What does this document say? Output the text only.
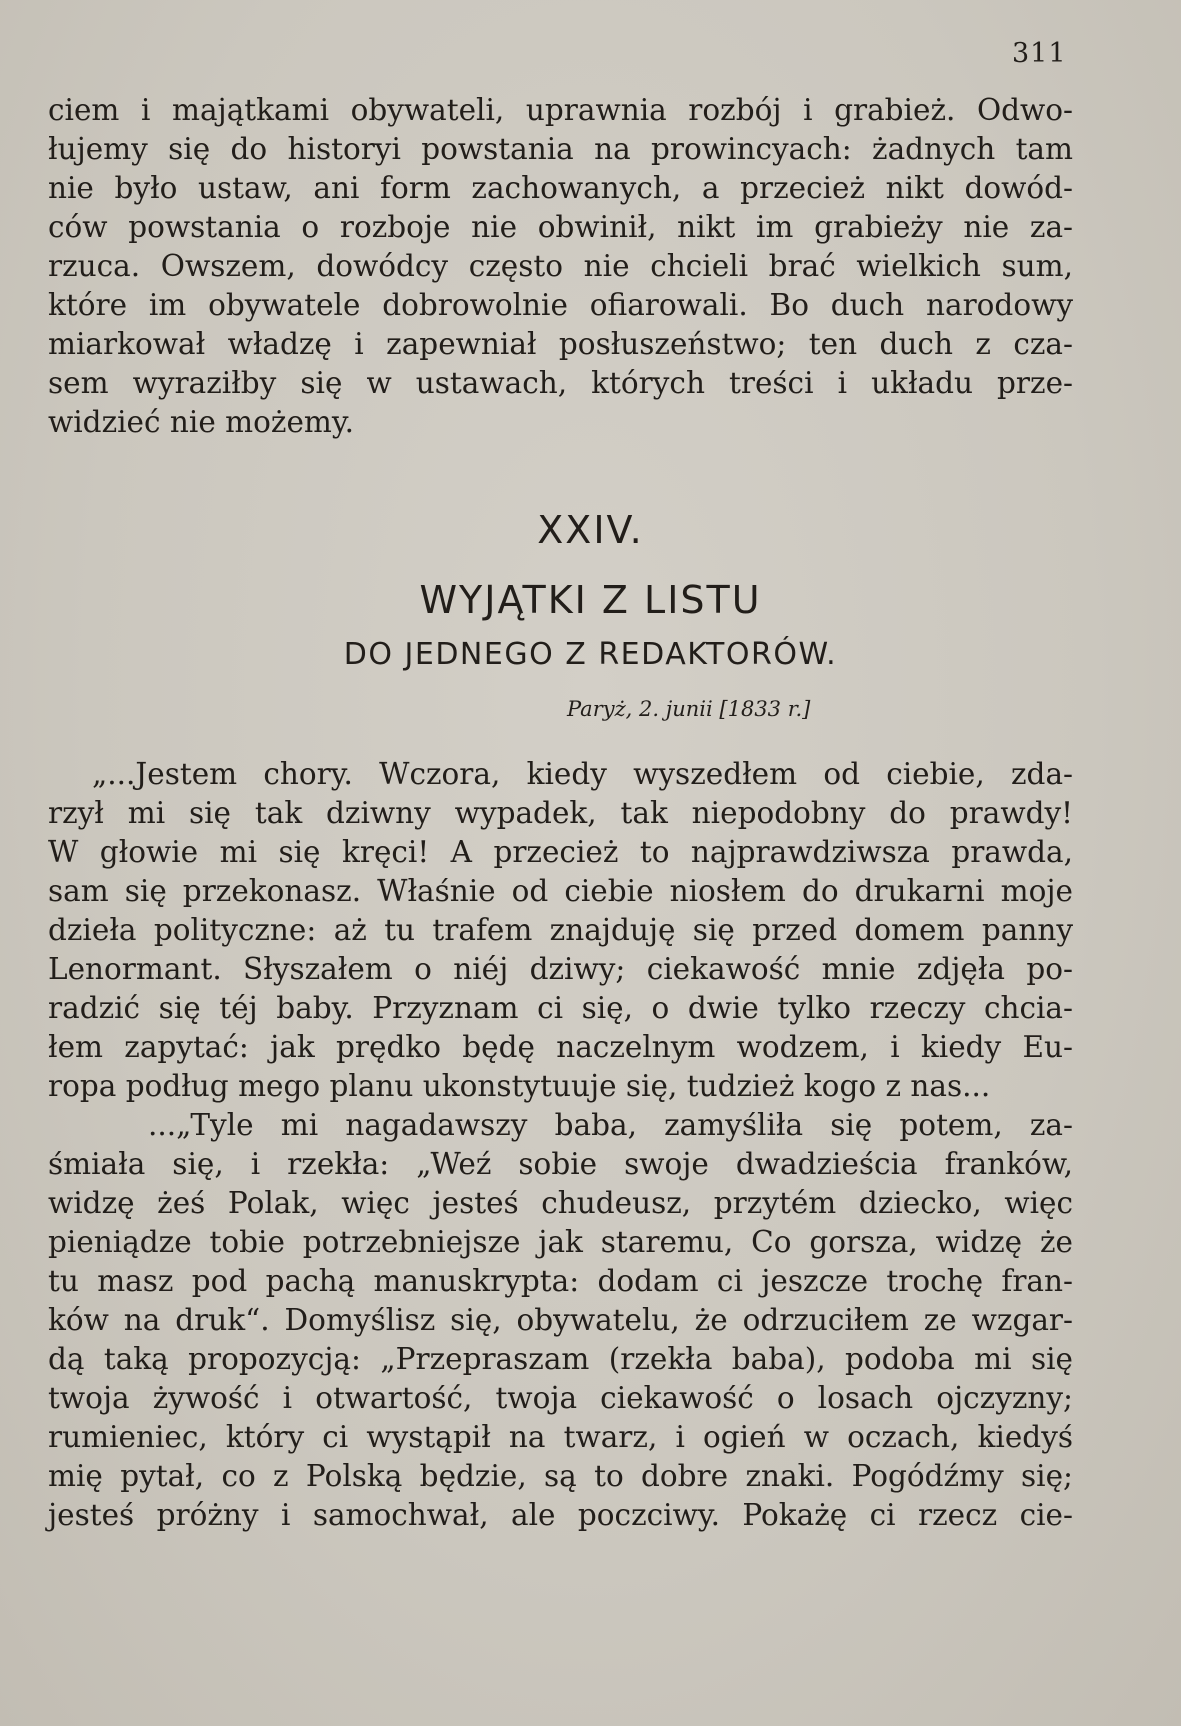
311
ciem i majątkami obywateli, uprawnia rozbój i grabież. Odwo-
łujemy się do historyi powstania na prowincyach: żadnych tam
nie było ustaw, ani form zachowanych, a przecież nikt dowód-
ców powstania o rozboje nie obwinił, nikt im grabieży nie za-
rzuca. Owszem, dowódcy często nie chcieli brać wielkich sum,
które im obywatele dobrowolnie ofiarowali. Bo duch narodowy
miarkował władzę i zapewniał posłuszeństwo; ten duch z cza-
sem wyraziłby się w ustawach, których treści i układu prze-
widzieć nie możemy.
XXIV.
WYJĄTKI Z LISTU
DO JEDNEGO Z REDAKTORÓW.
Paryż, 2. junii [1833 r.]
„...Jestem chory. Wczora, kiedy wyszedłem od ciebie, zda-
rzył mi się tak dziwny wypadek, tak niepodobny do prawdy!
W głowie mi się kręci! A przecież to najprawdziwsza prawda,
sam się przekonasz. Właśnie od ciebie niosłem do drukarni moje
dzieła polityczne: aż tu trafem znajduję się przed domem panny
Lenormant. Słyszałem o niéj dziwy; ciekawość mnie zdjęła po-
radzić się téj baby. Przyznam ci się, o dwie tylko rzeczy chcia-
łem zapytać: jak prędko będę naczelnym wodzem, i kiedy Eu-
ropa podług mego planu ukonstytuuje się, tudzież kogo z nas...
...„Tyle mi nagadawszy baba, zamyśliła się potem, za-
śmiała się, i rzekła: „Weź sobie swoje dwadzieścia franków,
widzę żeś Polak, więc jesteś chudeusz, przytém dziecko, więc
pieniądze tobie potrzebniejsze jak staremu, Co gorsza, widzę że
tu masz pod pachą manuskrypta: dodam ci jeszcze trochę fran-
ków na druk“. Domyślisz się, obywatelu, że odrzuciłem ze wzgar-
dą taką propozycją: „Przepraszam (rzekła baba), podoba mi się
twoja żywość i otwartość, twoja ciekawość o losach ojczyzny;
rumieniec, który ci wystąpił na twarz, i ogień w oczach, kiedyś
mię pytał, co z Polską będzie, są to dobre znaki. Pogódźmy się;
jesteś próżny i samochwał, ale poczciwy. Pokażę ci rzecz cie-
